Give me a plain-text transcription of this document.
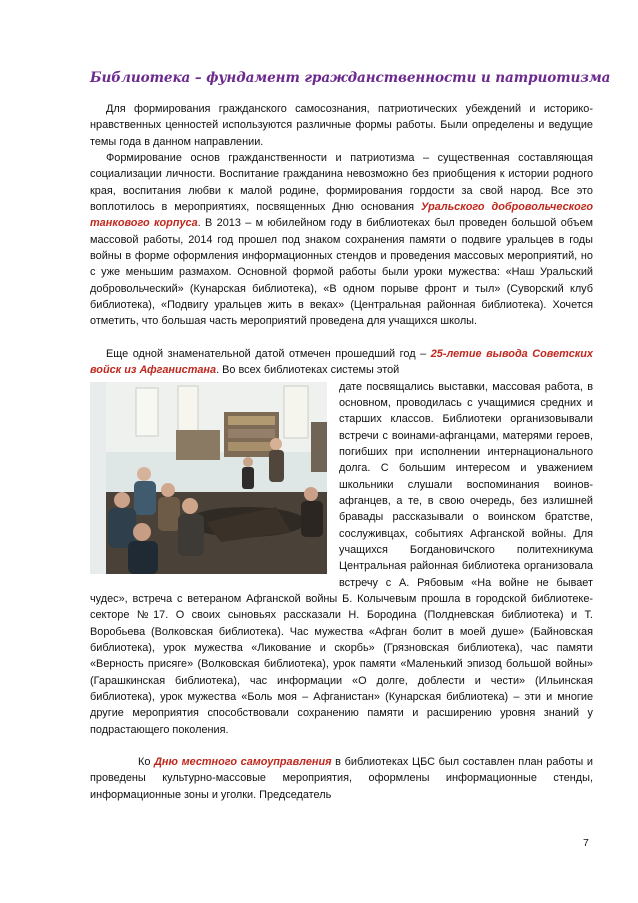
Библиотека – фундамент гражданственности и патриотизма

Для формирования гражданского самосознания, патриотических убеждений и историко-нравственных ценностей используются различные формы работы. Были определены и ведущие темы года в данном направлении.

Формирование основ гражданственности и патриотизма – существенная составляющая социализации личности. Воспитание гражданина невозможно без приобщения к истории родного края, воспитания любви к малой родине, формирования гордости за свой народ. Все это воплотилось в мероприятиях, посвященных Дню основания Уральского добровольческого танкового корпуса. В 2013 – м юбилейном году в библиотеках был проведен большой объем массовой работы, 2014 год прошел под знаком сохранения памяти о подвиге уральцев в годы войны в форме оформления информационных стендов и проведения массовых мероприятий, но с уже меньшим размахом. Основной формой работы были уроки мужества: «Наш Уральский добровольческий» (Кунарская библиотека), «В одном порыве фронт и тыл» (Суворский клуб библиотека), «Подвигу уральцев жить в веках» (Центральная районная библиотека). Хочется отметить, что большая часть мероприятий проведена для учащихся школы.

Еще одной знаменательной датой отмечен прошедший год – 25-летие вывода Советских войск из Афганистана. Во всех библиотеках системы этой

дате посвящались выставки, массовая работа, в основном, проводилась с учащимися средних и старших классов. Библиотеки организовывали встречи с воинами-афганцами, матерями героев, погибших при исполнении интернационального долга. С большим интересом и уважением школьники слушали воспоминания воинов-афганцев, а те, в свою очередь, без излишней бравады рассказывали о воинском братстве, сослуживцах, событиях Афганской войны. Для учащихся Богдановичского политехникума Центральная районная библиотека организовала встречу с А. Рябовым «На войне не бывает чудес», встреча с ветераном Афганской войны Б. Колычевым прошла в городской библиотеке-секторе №17. О своих сыновьях рассказали Н. Бородина (Полдневская библиотека) и Т. Воробьева (Волковская библиотека). Час мужества «Афган болит в моей душе» (Байновская библиотека), урок мужества «Ликование и скорбь» (Грязновская библиотека), час памяти «Верность присяге» (Волковская библиотека), урок памяти «Маленький эпизод большой войны» (Гарашкинская библиотека), час информации «О долге, доблести и чести» (Ильинская библиотека), урок мужества «Боль моя – Афганистан» (Кунарская библиотека) – эти и многие другие мероприятия способствовали сохранению памяти и расширению уровня знаний у подрастающего поколения.

Ко Дню местного самоуправления в библиотеках ЦБС был составлен план работы и проведены культурно-массовые мероприятия, оформлены информационные стенды, информационные зоны и уголки. Председатель

7
